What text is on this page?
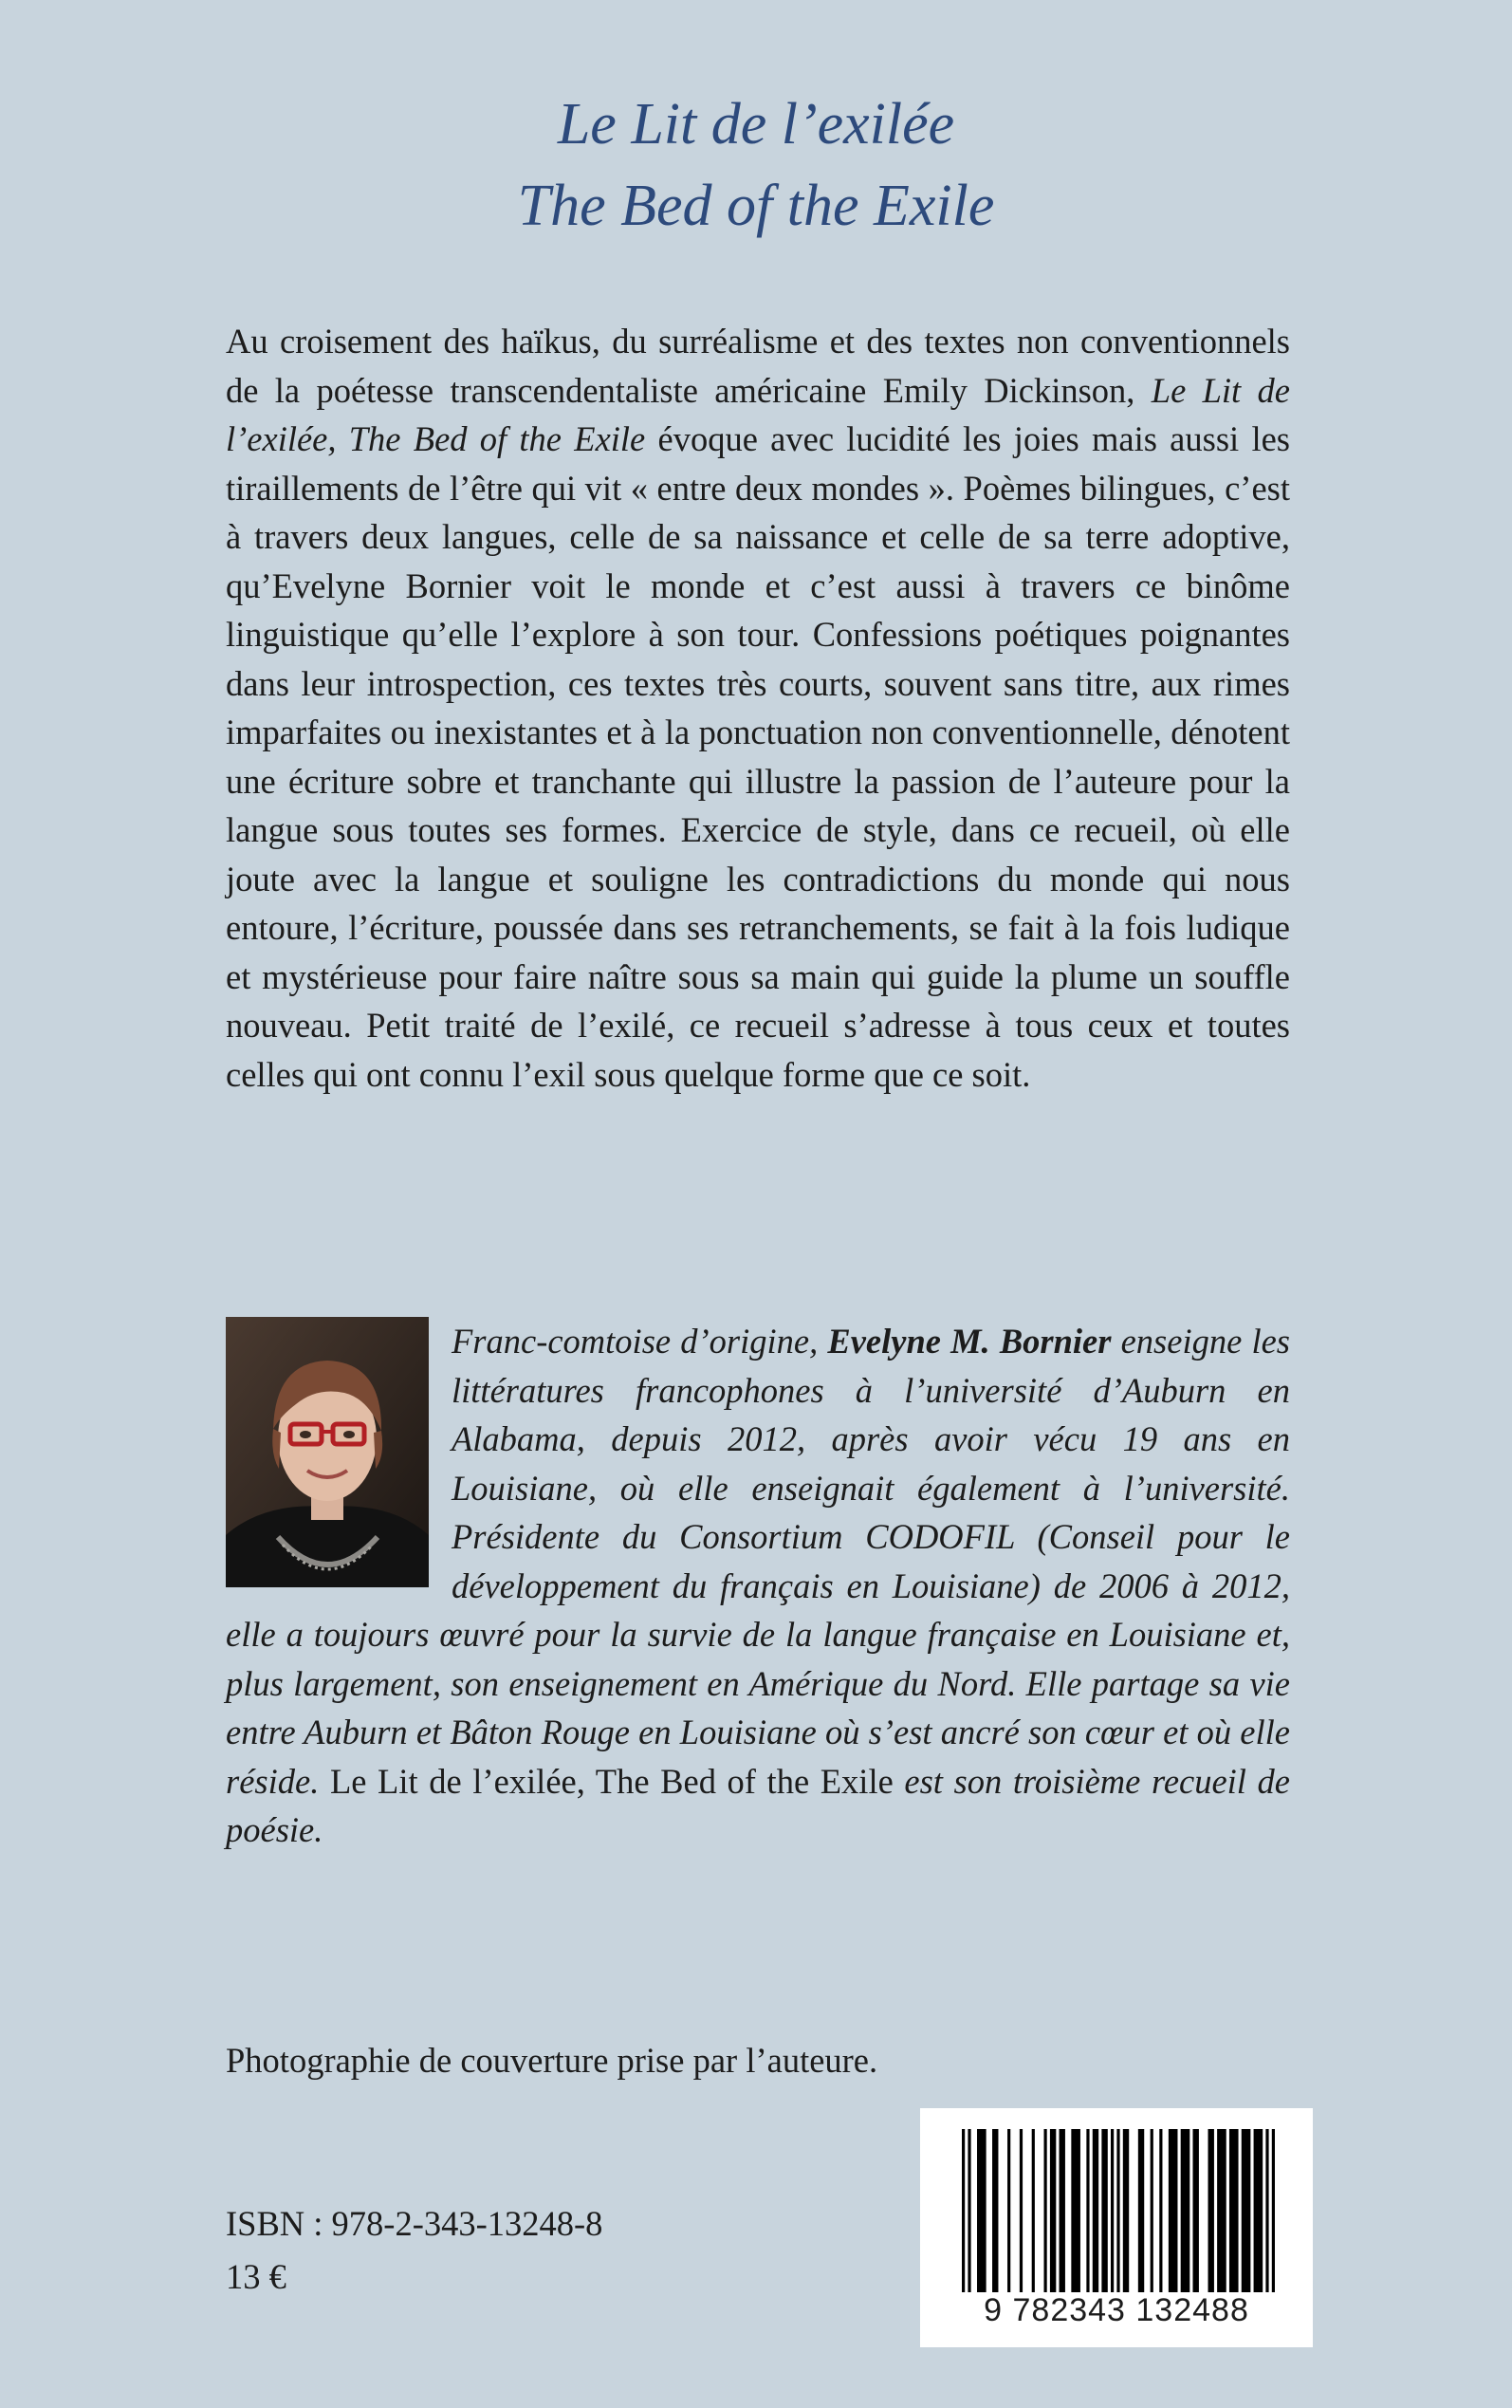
Le Lit de l’exilée
The Bed of the Exile

Au croisement des haïkus, du surréalisme et des textes non conventionnels de la poétesse transcendentaliste américaine Emily Dickinson, Le Lit de l’exilée, The Bed of the Exile évoque avec lucidité les joies mais aussi les tiraillements de l’être qui vit « entre deux mondes ». Poèmes bilingues, c’est à travers deux langues, celle de sa naissance et celle de sa terre adoptive, qu’Evelyne Bornier voit le monde et c’est aussi à travers ce binôme linguistique qu’elle l’explore à son tour. Confessions poétiques poignantes dans leur introspection, ces textes très courts, souvent sans titre, aux rimes imparfaites ou inexistantes et à la ponctuation non conventionnelle, dénotent une écriture sobre et tranchante qui illustre la passion de l’auteure pour la langue sous toutes ses formes. Exercice de style, dans ce recueil, où elle joute avec la langue et souligne les contradictions du monde qui nous entoure, l’écriture, poussée dans ses retranchements, se fait à la fois ludique et mystérieuse pour faire naître sous sa main qui guide la plume un souffle nouveau. Petit traité de l’exilé, ce recueil s’adresse à tous ceux et toutes celles qui ont connu l’exil sous quelque forme que ce soit.

Franc-comtoise d’origine, Evelyne M. Bornier enseigne les littératures francophones à l’université d’Auburn en Alabama, depuis 2012, après avoir vécu 19 ans en Louisiane, où elle enseignait également à l’université. Présidente du Consortium CODOFIL (Conseil pour le développement du français en Louisiane) de 2006 à 2012, elle a toujours œuvré pour la survie de la langue française en Louisiane et, plus largement, son enseignement en Amérique du Nord. Elle partage sa vie entre Auburn et Bâton Rouge en Louisiane où s’est ancré son cœur et où elle réside. Le Lit de l’exilée, The Bed of the Exile est son troisième recueil de poésie.

Photographie de couverture prise par l’auteure.
ISBN : 978-2-343-13248-8
13 €
9 782343 132488
